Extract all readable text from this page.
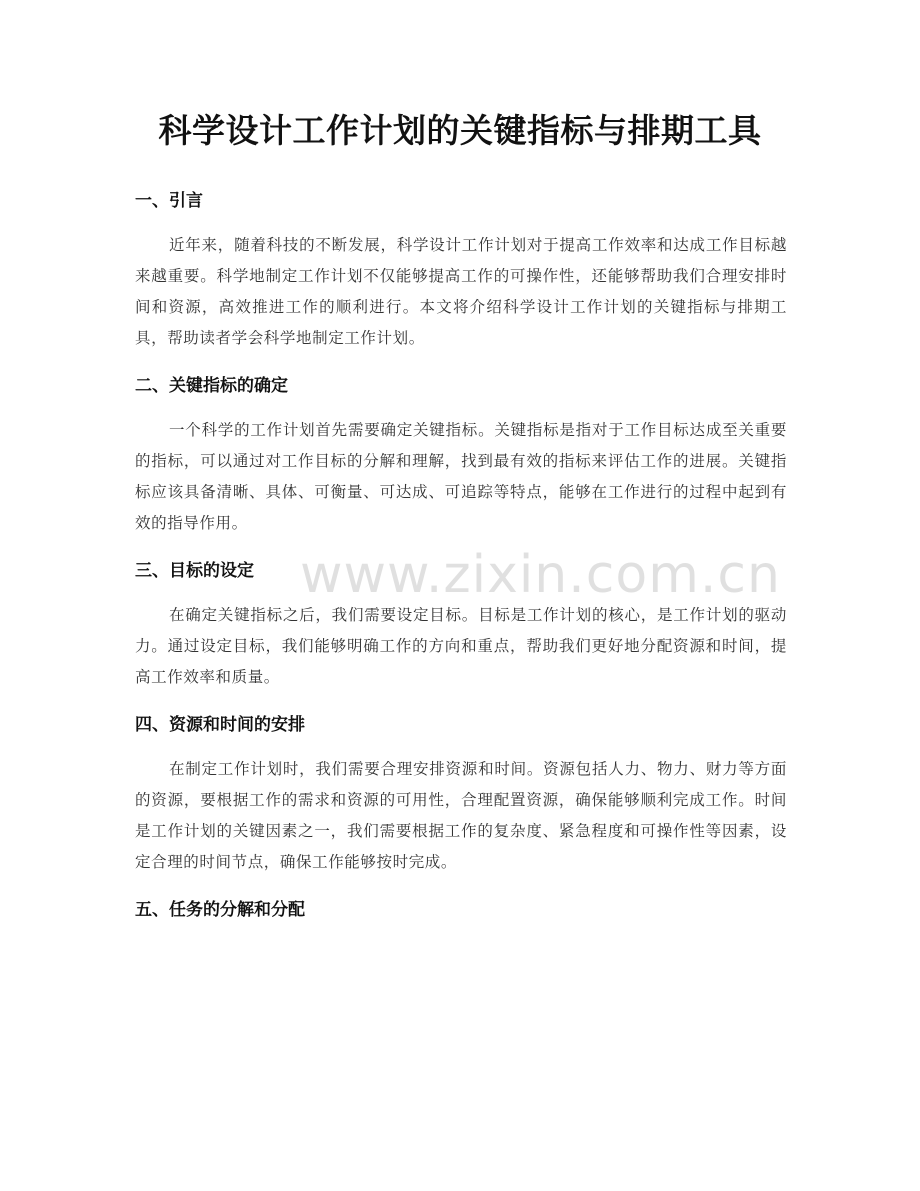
科学设计工作计划的关键指标与排期工具
一、引言

近年来，随着科技的不断发展，科学设计工作计划对于提高工作效率和达成工作目标越来越重要。科学地制定工作计划不仅能够提高工作的可操作性，还能够帮助我们合理安排时间和资源，高效推进工作的顺利进行。本文将介绍科学设计工作计划的关键指标与排期工具，帮助读者学会科学地制定工作计划。

二、关键指标的确定

一个科学的工作计划首先需要确定关键指标。关键指标是指对于工作目标达成至关重要的指标，可以通过对工作目标的分解和理解，找到最有效的指标来评估工作的进展。关键指标应该具备清晰、具体、可衡量、可达成、可追踪等特点，能够在工作进行的过程中起到有效的指导作用。

三、目标的设定

在确定关键指标之后，我们需要设定目标。目标是工作计划的核心，是工作计划的驱动力。通过设定目标，我们能够明确工作的方向和重点，帮助我们更好地分配资源和时间，提高工作效率和质量。

四、资源和时间的安排

在制定工作计划时，我们需要合理安排资源和时间。资源包括人力、物力、财力等方面的资源，要根据工作的需求和资源的可用性，合理配置资源，确保能够顺利完成工作。时间是工作计划的关键因素之一，我们需要根据工作的复杂度、紧急程度和可操作性等因素，设定合理的时间节点，确保工作能够按时完成。

五、任务的分解和分配
www.zixin.com.cn
